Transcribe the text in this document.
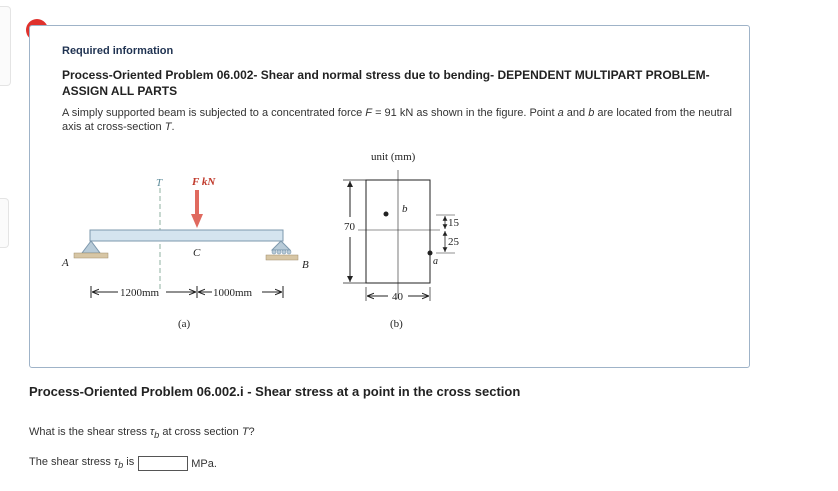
Required information
Process-Oriented Problem 06.002- Shear and normal stress due to bending- DEPENDENT MULTIPART PROBLEM- ASSIGN ALL PARTS
A simply supported beam is subjected to a concentrated force F = 91 kN as shown in the figure. Point a and b are located from the neutral axis at cross-section T.
T	F kN
C
A	B
1200mm	1000mm
(a)
unit (mm)
70
b
a
15
25
40
(b)
Process-Oriented Problem 06.002.i - Shear stress at a point in the cross section
What is the shear stress $\tau_b$ at cross section T?
The shear stress $\tau_b$ is	MPa.
